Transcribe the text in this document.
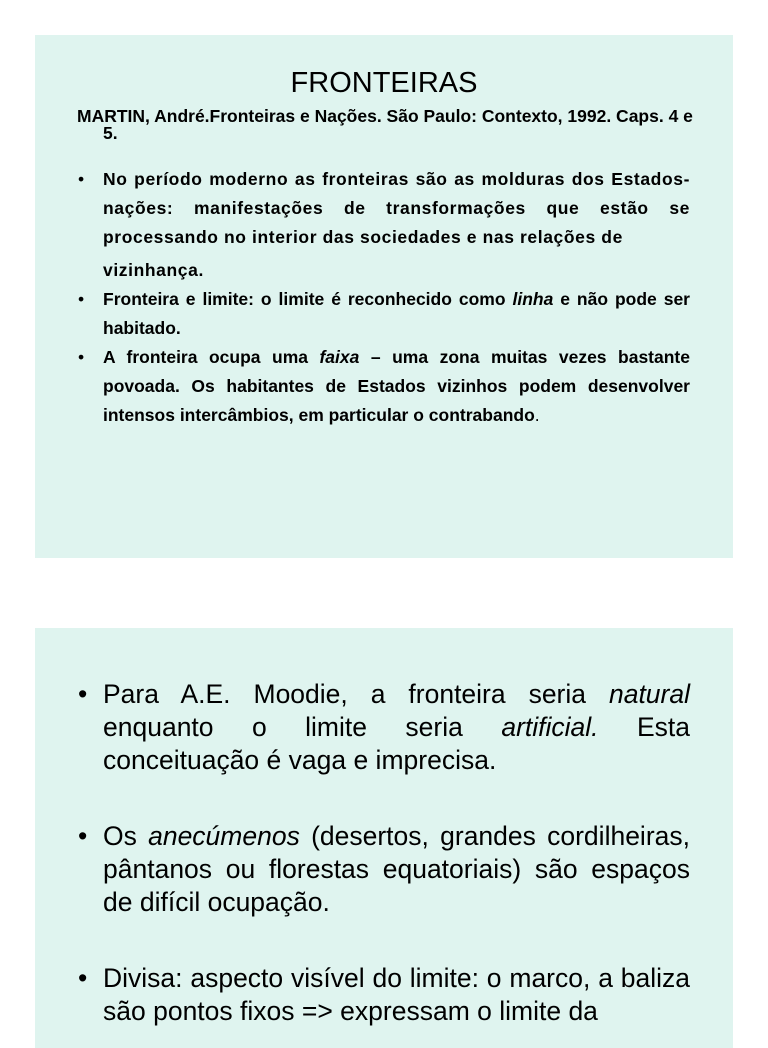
FRONTEIRAS
MARTIN, André.Fronteiras e Nações. São Paulo: Contexto, 1992. Caps. 4 e 5.
• No período moderno as fronteiras são as molduras dos Estados-nações: manifestações de transformações que estão se processando no interior das sociedades e nas relações de
vizinhança.
• Fronteira e limite: o limite é reconhecido como linha e não pode ser habitado.
• A fronteira ocupa uma faixa – uma zona muitas vezes bastante povoada. Os habitantes de Estados vizinhos podem desenvolver intensos intercâmbios, em particular o contrabando.
• Para A.E. Moodie, a fronteira seria natural enquanto o limite seria artificial. Esta conceituação é vaga e imprecisa.
• Os anecúmenos (desertos, grandes cordilheiras, pântanos ou florestas equatoriais) são espaços de difícil ocupação.
• Divisa: aspecto visível do limite: o marco, a baliza são pontos fixos => expressam o limite da
